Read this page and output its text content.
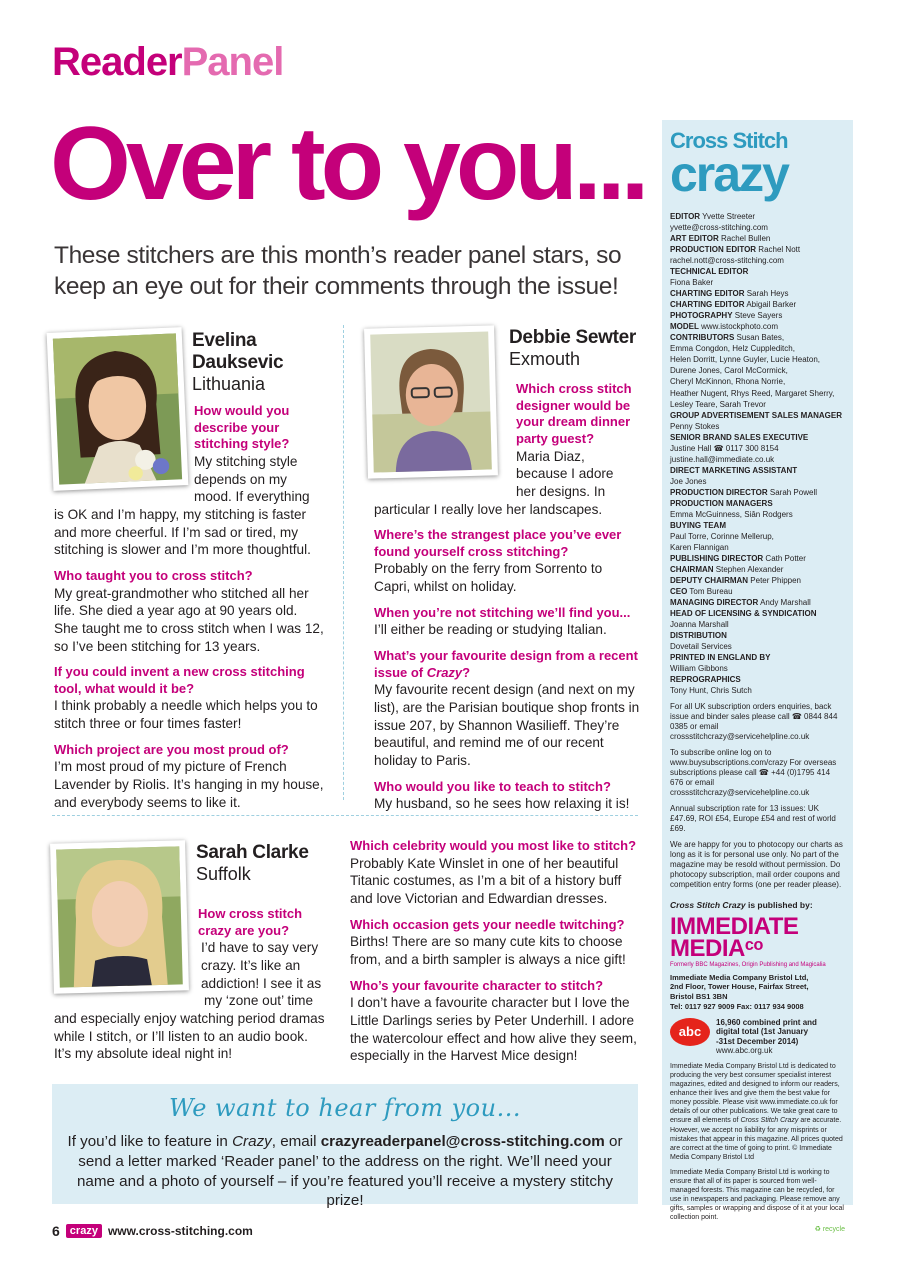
ReaderPanel
Over to you...
These stitchers are this month’s reader panel stars, so keep an eye out for their comments through the issue!
Evelina
Dauksevic
Lithuania
How would you describe your stitching style?
My stitching style
depends on my
mood. If everything
is OK and I’m happy, my stitching is faster and more cheerful. If I’m sad or tired, my stitching is slower and I’m more thoughtful.
Who taught you to cross stitch?
My great-grandmother who stitched all her life. She died a year ago at 90 years old. She taught me to cross stitch when I was 12, so I’ve been stitching for 13 years.
If you could invent a new cross stitching tool, what would it be?
I think probably a needle which helps you to stitch three or four times faster!
Which project are you most proud of?
I’m most proud of my picture of French Lavender by Riolis. It’s hanging in my house, and everybody seems to like it.
Debbie Sewter
Exmouth
Which cross stitch designer would be your dream dinner party guest?
Maria Diaz,
because I adore
her designs. In
particular I really love her landscapes.
Where’s the strangest place you’ve ever found yourself cross stitching?
Probably on the ferry from Sorrento to Capri, whilst on holiday.
When you’re not stitching we’ll find you...
I’ll either be reading or studying Italian.
What’s your favourite design from a recent issue of Crazy?
My favourite recent design (and next on my list), are the Parisian boutique shop fronts in issue 207, by Shannon Wasilieff. They’re beautiful, and remind me of our recent holiday to Paris.
Who would you like to teach to stitch?
My husband, so he sees how relaxing it is!
Sarah Clarke
Suffolk
How cross stitch crazy are you?
I’d have to say very
crazy. It’s like an
addiction! I see it as
my ‘zone out’ time
and especially enjoy watching period dramas while I stitch, or I’ll listen to an audio book. It’s my absolute ideal night in!
Which celebrity would you most like to stitch?
Probably Kate Winslet in one of her beautiful Titanic costumes, as I’m a bit of a history buff and love Victorian and Edwardian dresses.
Which occasion gets your needle twitching?
Births! There are so many cute kits to choose from, and a birth sampler is always a nice gift!
Who’s your favourite character to stitch?
I don’t have a favourite character but I love the Little Darlings series by Peter Underhill. I adore the watercolour effect and how alive they seem, especially in the Harvest Mice design!
We want to hear from you...
If you’d like to feature in Crazy, email crazyreaderpanel@cross-stitching.com or send a letter marked ‘Reader panel’ to the address on the right. We’ll need your name and a photo of yourself – if you’re featured you’ll receive a mystery stitchy prize!
6 crazy www.cross-stitching.com
Cross Stitch
crazy
EDITOR Yvette Streeter
yvette@cross-stitching.com
ART EDITOR Rachel Bullen
PRODUCTION EDITOR Rachel Nott
rachel.nott@cross-stitching.com
TECHNICAL EDITOR
Fiona Baker
CHARTING EDITOR Sarah Heys
CHARTING EDITOR Abigail Barker
PHOTOGRAPHY Steve Sayers
MODEL www.istockphoto.com
CONTRIBUTORS Susan Bates,
Emma Congdon, Helz Cuppleditch,
Helen Dorritt, Lynne Guyler, Lucie Heaton,
Durene Jones, Carol McCormick,
Cheryl McKinnon, Rhona Norrie,
Heather Nugent, Rhys Reed, Margaret Sherry,
Lesley Teare, Sarah Trevor
GROUP ADVERTISEMENT SALES MANAGER
Penny Stokes
SENIOR BRAND SALES EXECUTIVE
Justine Hall ☎ 0117 300 8154
justine.hall@immediate.co.uk
DIRECT MARKETING ASSISTANT
Joe Jones
PRODUCTION DIRECTOR Sarah Powell
PRODUCTION MANAGERS
Emma McGuinness, Siân Rodgers
BUYING TEAM
Paul Torre, Corinne Mellerup,
Karen Flannigan
PUBLISHING DIRECTOR Cath Potter
CHAIRMAN Stephen Alexander
DEPUTY CHAIRMAN Peter Phippen
CEO Tom Bureau
MANAGING DIRECTOR Andy Marshall
HEAD OF LICENSING & SYNDICATION
Joanna Marshall
DISTRIBUTION
Dovetail Services
PRINTED IN ENGLAND BY
William Gibbons
REPROGRAPHICS
Tony Hunt, Chris Sutch
For all UK subscription orders enquiries, back issue and binder sales please call ☎ 0844 844 0385 or email crossstitchcrazy@servicehelpline.co.uk
To subscribe online log on to www.buysubscriptions.com/crazy For overseas subscriptions please call ☎ +44 (0)1795 414 676 or email crossstitchcrazy@servicehelpline.co.uk
Annual subscription rate for 13 issues: UK £47.69, ROI £54, Europe £54 and rest of world £69.
We are happy for you to photocopy our charts as long as it is for personal use only. No part of the magazine may be resold without permission. Do photocopy subscription, mail order coupons and competition entry forms (one per reader please).
Cross Stitch Crazy is published by:
IMMEDIATE
MEDIAᶜᵒ
Formerly BBC Magazines, Origin Publishing and Magicalia
Immediate Media Company Bristol Ltd,
2nd Floor, Tower House, Fairfax Street,
Bristol BS1 3BN
Tel: 0117 927 9009 Fax: 0117 934 9008
abc
16,960 combined print and
digital total (1st January
-31st December 2014)
www.abc.org.uk
Immediate Media Company Bristol Ltd is dedicated to producing the very best consumer specialist interest magazines, edited and designed to inform our readers, enhance their lives and give them the best value for money possible. Please visit www.immediate.co.uk for details of our other publications. We take great care to ensure all elements of Cross Stitch Crazy are accurate. However, we accept no liability for any misprints or mistakes that appear in this magazine. All prices quoted are correct at the time of going to print. © Immediate Media Company Bristol Ltd
Immediate Media Company Bristol Ltd is working to ensure that all of its paper is sourced from well-managed forests. This magazine can be recycled, for use in newspapers and packaging. Please remove any gifts, samples or wrapping and dispose of it at your local collection point.
♻ recycle
